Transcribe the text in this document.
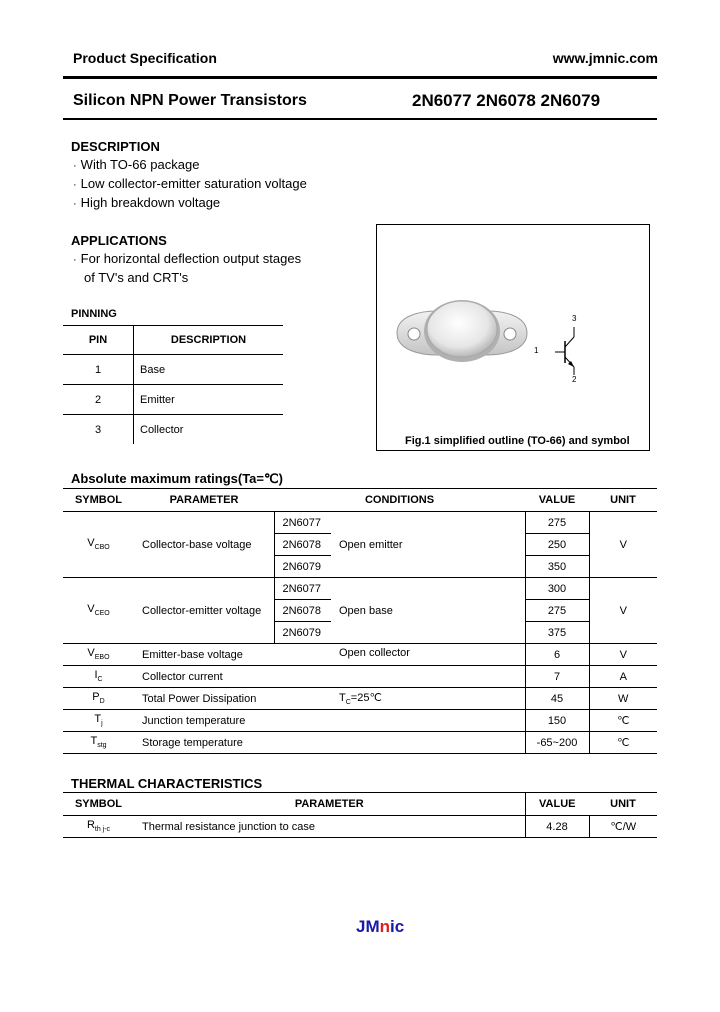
Product Specification	www.jmnic.com
Silicon NPN Power Transistors	2N6077 2N6078 2N6079
DESCRIPTION
· With TO-66 package
· Low collector-emitter saturation voltage
· High breakdown voltage
APPLICATIONS
· For horizontal deflection output stages
of TV's and CRT's
PINNING
PIN	DESCRIPTION
1	Base
2	Emitter
3	Collector
1
2
3
Fig.1 simplified outline (TO-66) and symbol
Absolute maximum ratings(Ta=℃)
SYMBOL	PARAMETER	CONDITIONS		VALUE	UNIT
$V_{CBO}$	Collector-base voltage	2N6077	Open emitter	275	V
		2N6078		250	
		2N6079		350	
$V_{CEO}$	Collector-emitter voltage	2N6077	Open base	300	V
		2N6078		275	
		2N6079		375	
$V_{EBO}$	Emitter-base voltage	Open collector		6	V
$I_C$	Collector current			7	A
$P_D$	Total Power Dissipation	$T_C=25℃$		45	W
$T_j$	Junction temperature			150	℃
$T_{stg}$	Storage temperature			-65~200	℃
THERMAL CHARACTERISTICS
SYMBOL	PARAMETER	VALUE	UNIT
$R_{th j-c}$	Thermal resistance junction to case	4.28	℃/W
JMnic
